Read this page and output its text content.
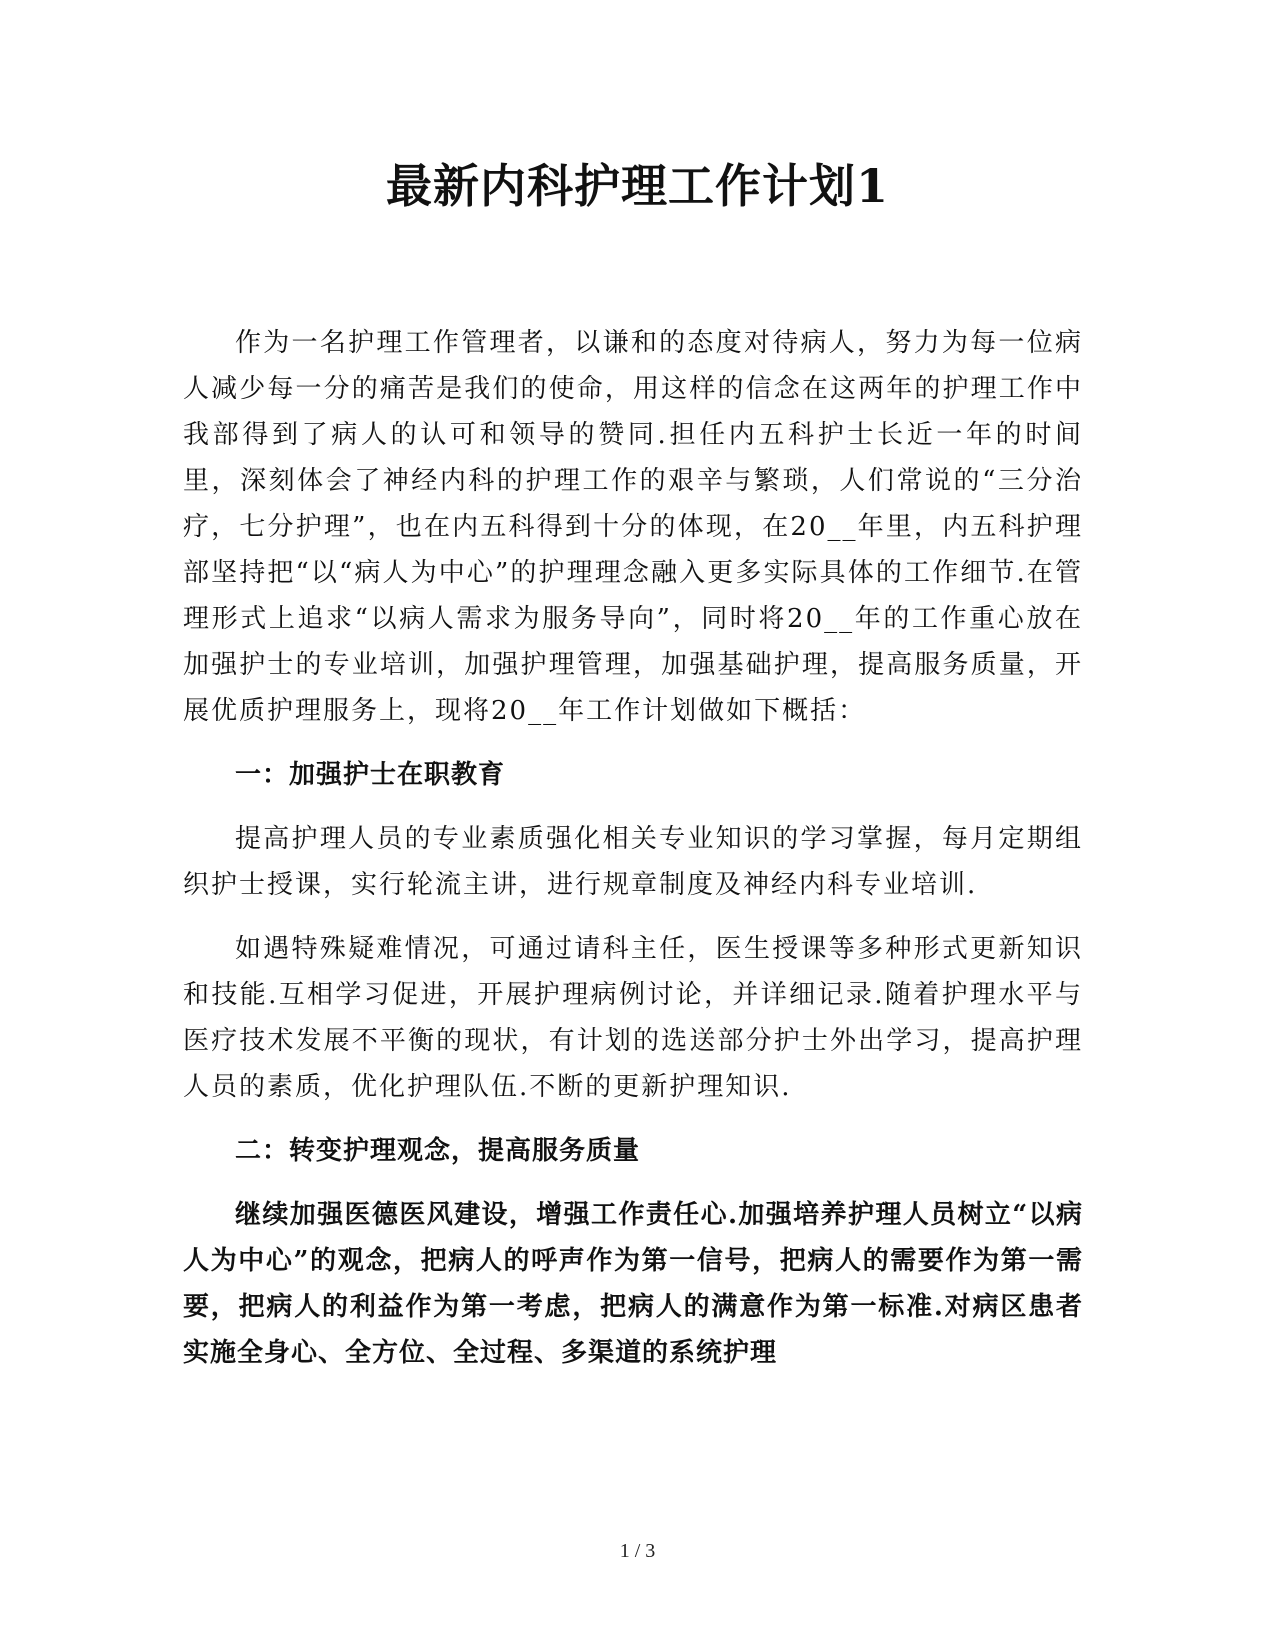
最新内科护理工作计划1

作为一名护理工作管理者，以谦和的态度对待病人，努力为每一位病人减少每一分的痛苦是我们的使命，用这样的信念在这两年的护理工作中我部得到了病人的认可和领导的赞同.担任内五科护士长近一年的时间里，深刻体会了神经内科的护理工作的艰辛与繁琐，人们常说的“三分治疗，七分护理”，也在内五科得到十分的体现，在20__年里，内五科护理部坚持把“以“病人为中心”的护理理念融入更多实际具体的工作细节.在管理形式上追求“以病人需求为服务导向”，同时将20__年的工作重心放在加强护士的专业培训，加强护理管理，加强基础护理，提高服务质量，开展优质护理服务上，现将20__年工作计划做如下概括：

一：加强护士在职教育

提高护理人员的专业素质强化相关专业知识的学习掌握，每月定期组织护士授课，实行轮流主讲，进行规章制度及神经内科专业培训.

如遇特殊疑难情况，可通过请科主任，医生授课等多种形式更新知识和技能.互相学习促进，开展护理病例讨论，并详细记录.随着护理水平与医疗技术发展不平衡的现状，有计划的选送部分护士外出学习，提高护理人员的素质，优化护理队伍.不断的更新护理知识.

二：转变护理观念，提高服务质量

继续加强医德医风建设，增强工作责任心.加强培养护理人员树立“以病人为中心”的观念，把病人的呼声作为第一信号，把病人的需要作为第一需要，把病人的利益作为第一考虑，把病人的满意作为第一标准.对病区患者实施全身心、全方位、全过程、多渠道的系统护理

1 / 3
